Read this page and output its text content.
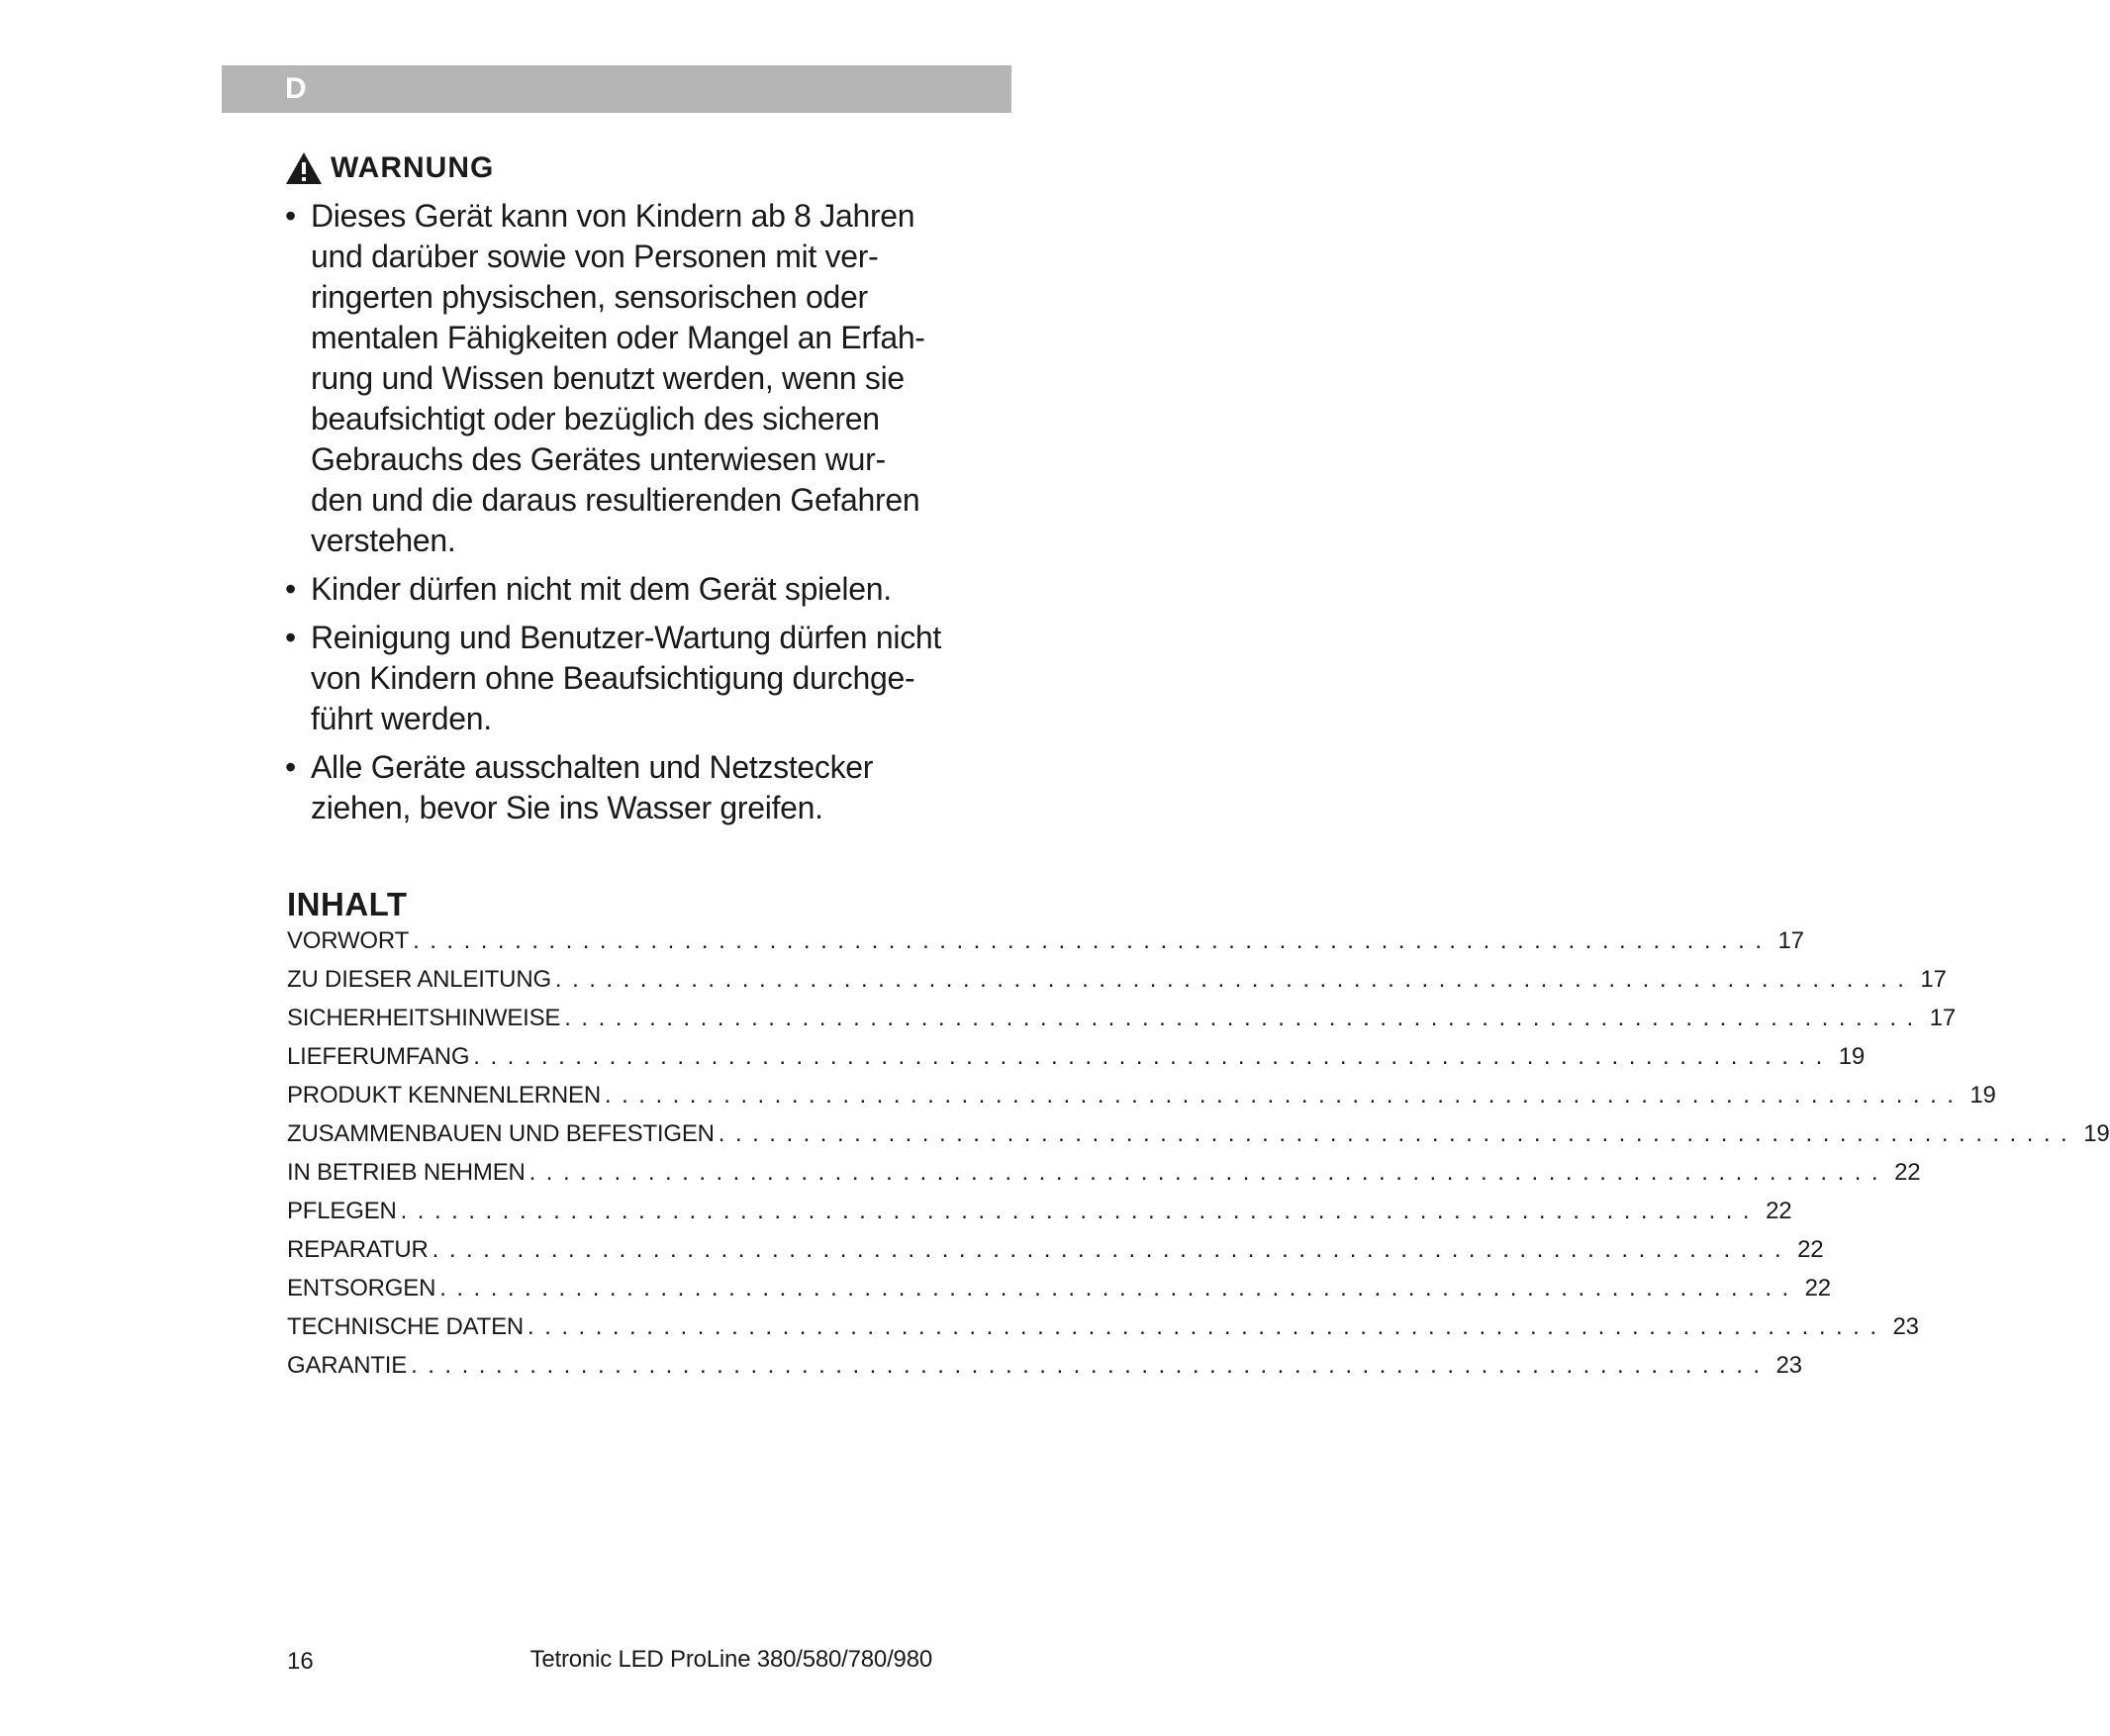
D
WARNUNG
• Dieses Gerät kann von Kindern ab 8 Jahren
und darüber sowie von Personen mit ver-
ringerten physischen, sensorischen oder
mentalen Fähigkeiten oder Mangel an Erfah-
rung und Wissen benutzt werden, wenn sie
beaufsichtigt oder bezüglich des sicheren
Gebrauchs des Gerätes unterwiesen wur-
den und die daraus resultierenden Gefahren
verstehen.
• Kinder dürfen nicht mit dem Gerät spielen.
• Reinigung und Benutzer-Wartung dürfen nicht
von Kindern ohne Beaufsichtigung durchge-
führt werden.
• Alle Geräte ausschalten und Netzstecker
ziehen, bevor Sie ins Wasser greifen.
INHALT
VORWORT ................................................................................ 17
ZU DIESER ANLEITUNG ................................................................................ 17
SICHERHEITSHINWEISE ................................................................................ 17
LIEFERUMFANG ................................................................................ 19
PRODUKT KENNENLERNEN ................................................................................ 19
ZUSAMMENBAUEN UND BEFESTIGEN ................................................................................ 19
IN BETRIEB NEHMEN ................................................................................ 22
PFLEGEN ................................................................................ 22
REPARATUR ................................................................................ 22
ENTSORGEN ................................................................................ 22
TECHNISCHE DATEN ................................................................................ 23
GARANTIE ................................................................................ 23
16	Tetronic LED ProLine 380/580/780/980
